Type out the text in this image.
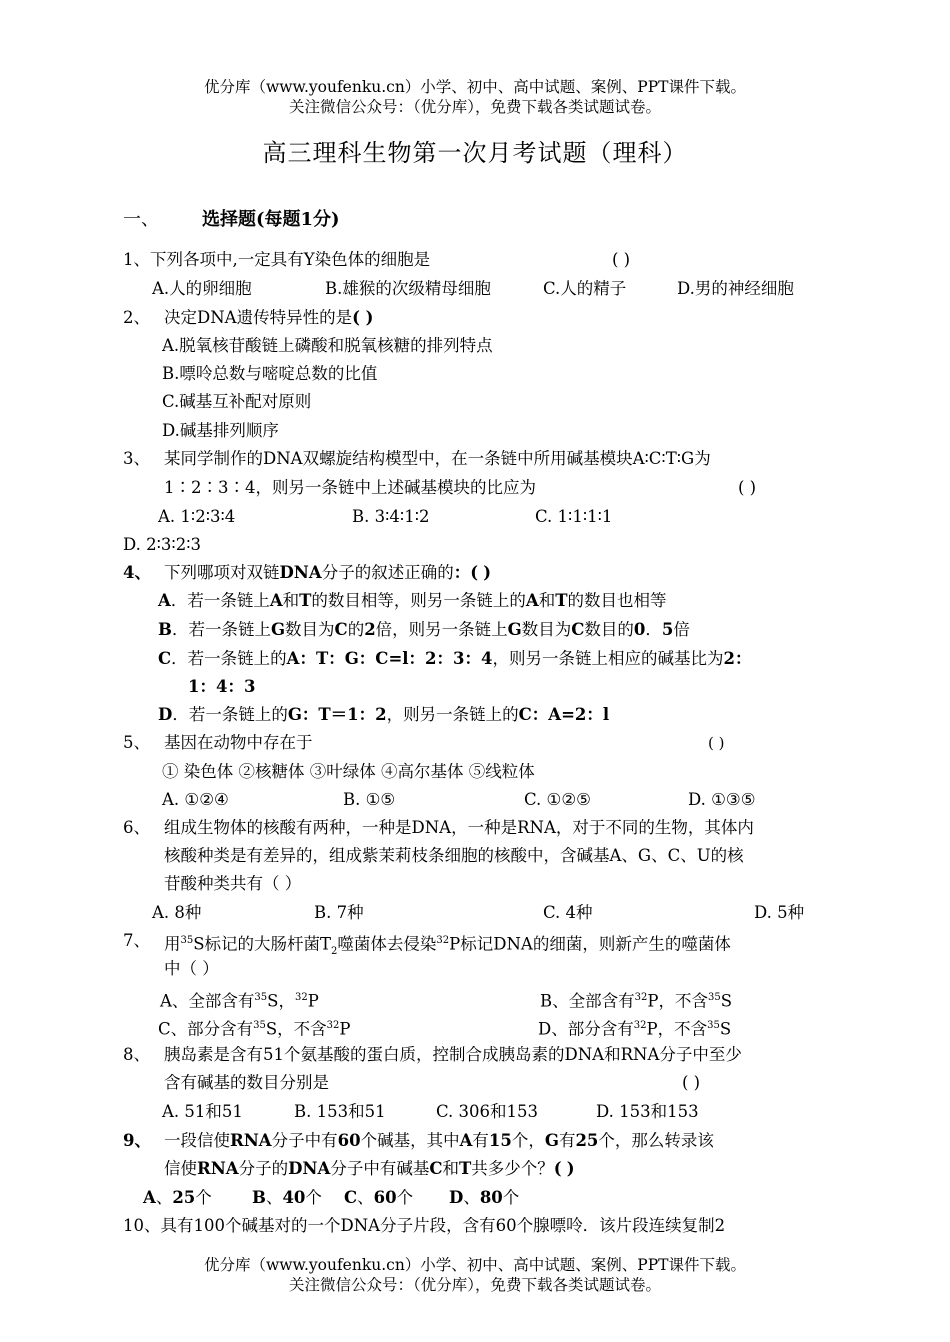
优分库（www.youfenku.cn）小学、初中、高中试题、案例、PPT课件下载。
关注微信公众号：（优分库），免费下载各类试题试卷。
高三理科生物第一次月考试题（理科）
一、 选择题(每题1分)
1、下列各项中,一定具有Y染色体的细胞是	( )
A.人的卵细胞	B.雄猴的次级精母细胞	C.人的精子	D.男的神经细胞
2、 决定DNA遗传特异性的是( )
A.脱氧核苷酸链上磷酸和脱氧核糖的排列特点
B.嘌呤总数与嘧啶总数的比值
C.碱基互补配对原则
D.碱基排列顺序
3、 某同学制作的DNA双螺旋结构模型中，在一条链中所用碱基模块A∶C∶T∶G为
1∶2∶3∶4，则另一条链中上述碱基模块的比应为	( )
A. 1∶2∶3∶4	B. 3∶4∶1∶2	C. 1∶1∶1∶1
D. 2∶3∶2∶3
4、 下列哪项对双链DNA分子的叙述正确的：( )
A．若一条链上A和T的数目相等，则另一条链上的A和T的数目也相等
B．若一条链上G数目为C的2倍，则另一条链上G数目为C数目的0．5倍
C．若一条链上的A：T：G：C=l：2：3：4，则另一条链上相应的碱基比为2：
1：4：3
D．若一条链上的G：T＝1：2，则另一条链上的C：A=2：l
5、 基因在动物中存在于	( )
① 染色体 ②核糖体 ③叶绿体 ④高尔基体 ⑤线粒体
A. ①②④	B. ①⑤	C. ①②⑤	D. ①③⑤
6、 组成生物体的核酸有两种，一种是DNA，一种是RNA，对于不同的生物，其体内
核酸种类是有差异的，组成紫茉莉枝条细胞的核酸中，含碱基A、G、C、U的核
苷酸种类共有（ ）
A. 8种	B. 7种	C. 4种	D. 5种
7、 用$^{35}$S标记的大肠杆菌$T_2$噬菌体去侵染$^{32}$P标记DNA的细菌，则新产生的噬菌体
中（ ）
A、全部含有$^{35}$S，$^{32}$P	B、全部含有$^{32}$P，不含$^{35}$S
C、部分含有$^{35}$S，不含$^{32}$P	D、部分含有$^{32}$P，不含$^{35}$S
8、 胰岛素是含有51个氨基酸的蛋白质，控制合成胰岛素的DNA和RNA分子中至少
含有碱基的数目分别是	( )
A. 51和51	B. 153和51	C. 306和153	D. 153和153
9、 一段信使RNA分子中有60个碱基，其中A有15个，G有25个，那么转录该
信使RNA分子的DNA分子中有碱基C和T共多少个？( )
A、25个 B、40个 C、60个 D、80个
10、具有100个碱基对的一个DNA分子片段，含有60个腺嘌呤．该片段连续复制2
优分库（www.youfenku.cn）小学、初中、高中试题、案例、PPT课件下载。
关注微信公众号：（优分库），免费下载各类试题试卷。
